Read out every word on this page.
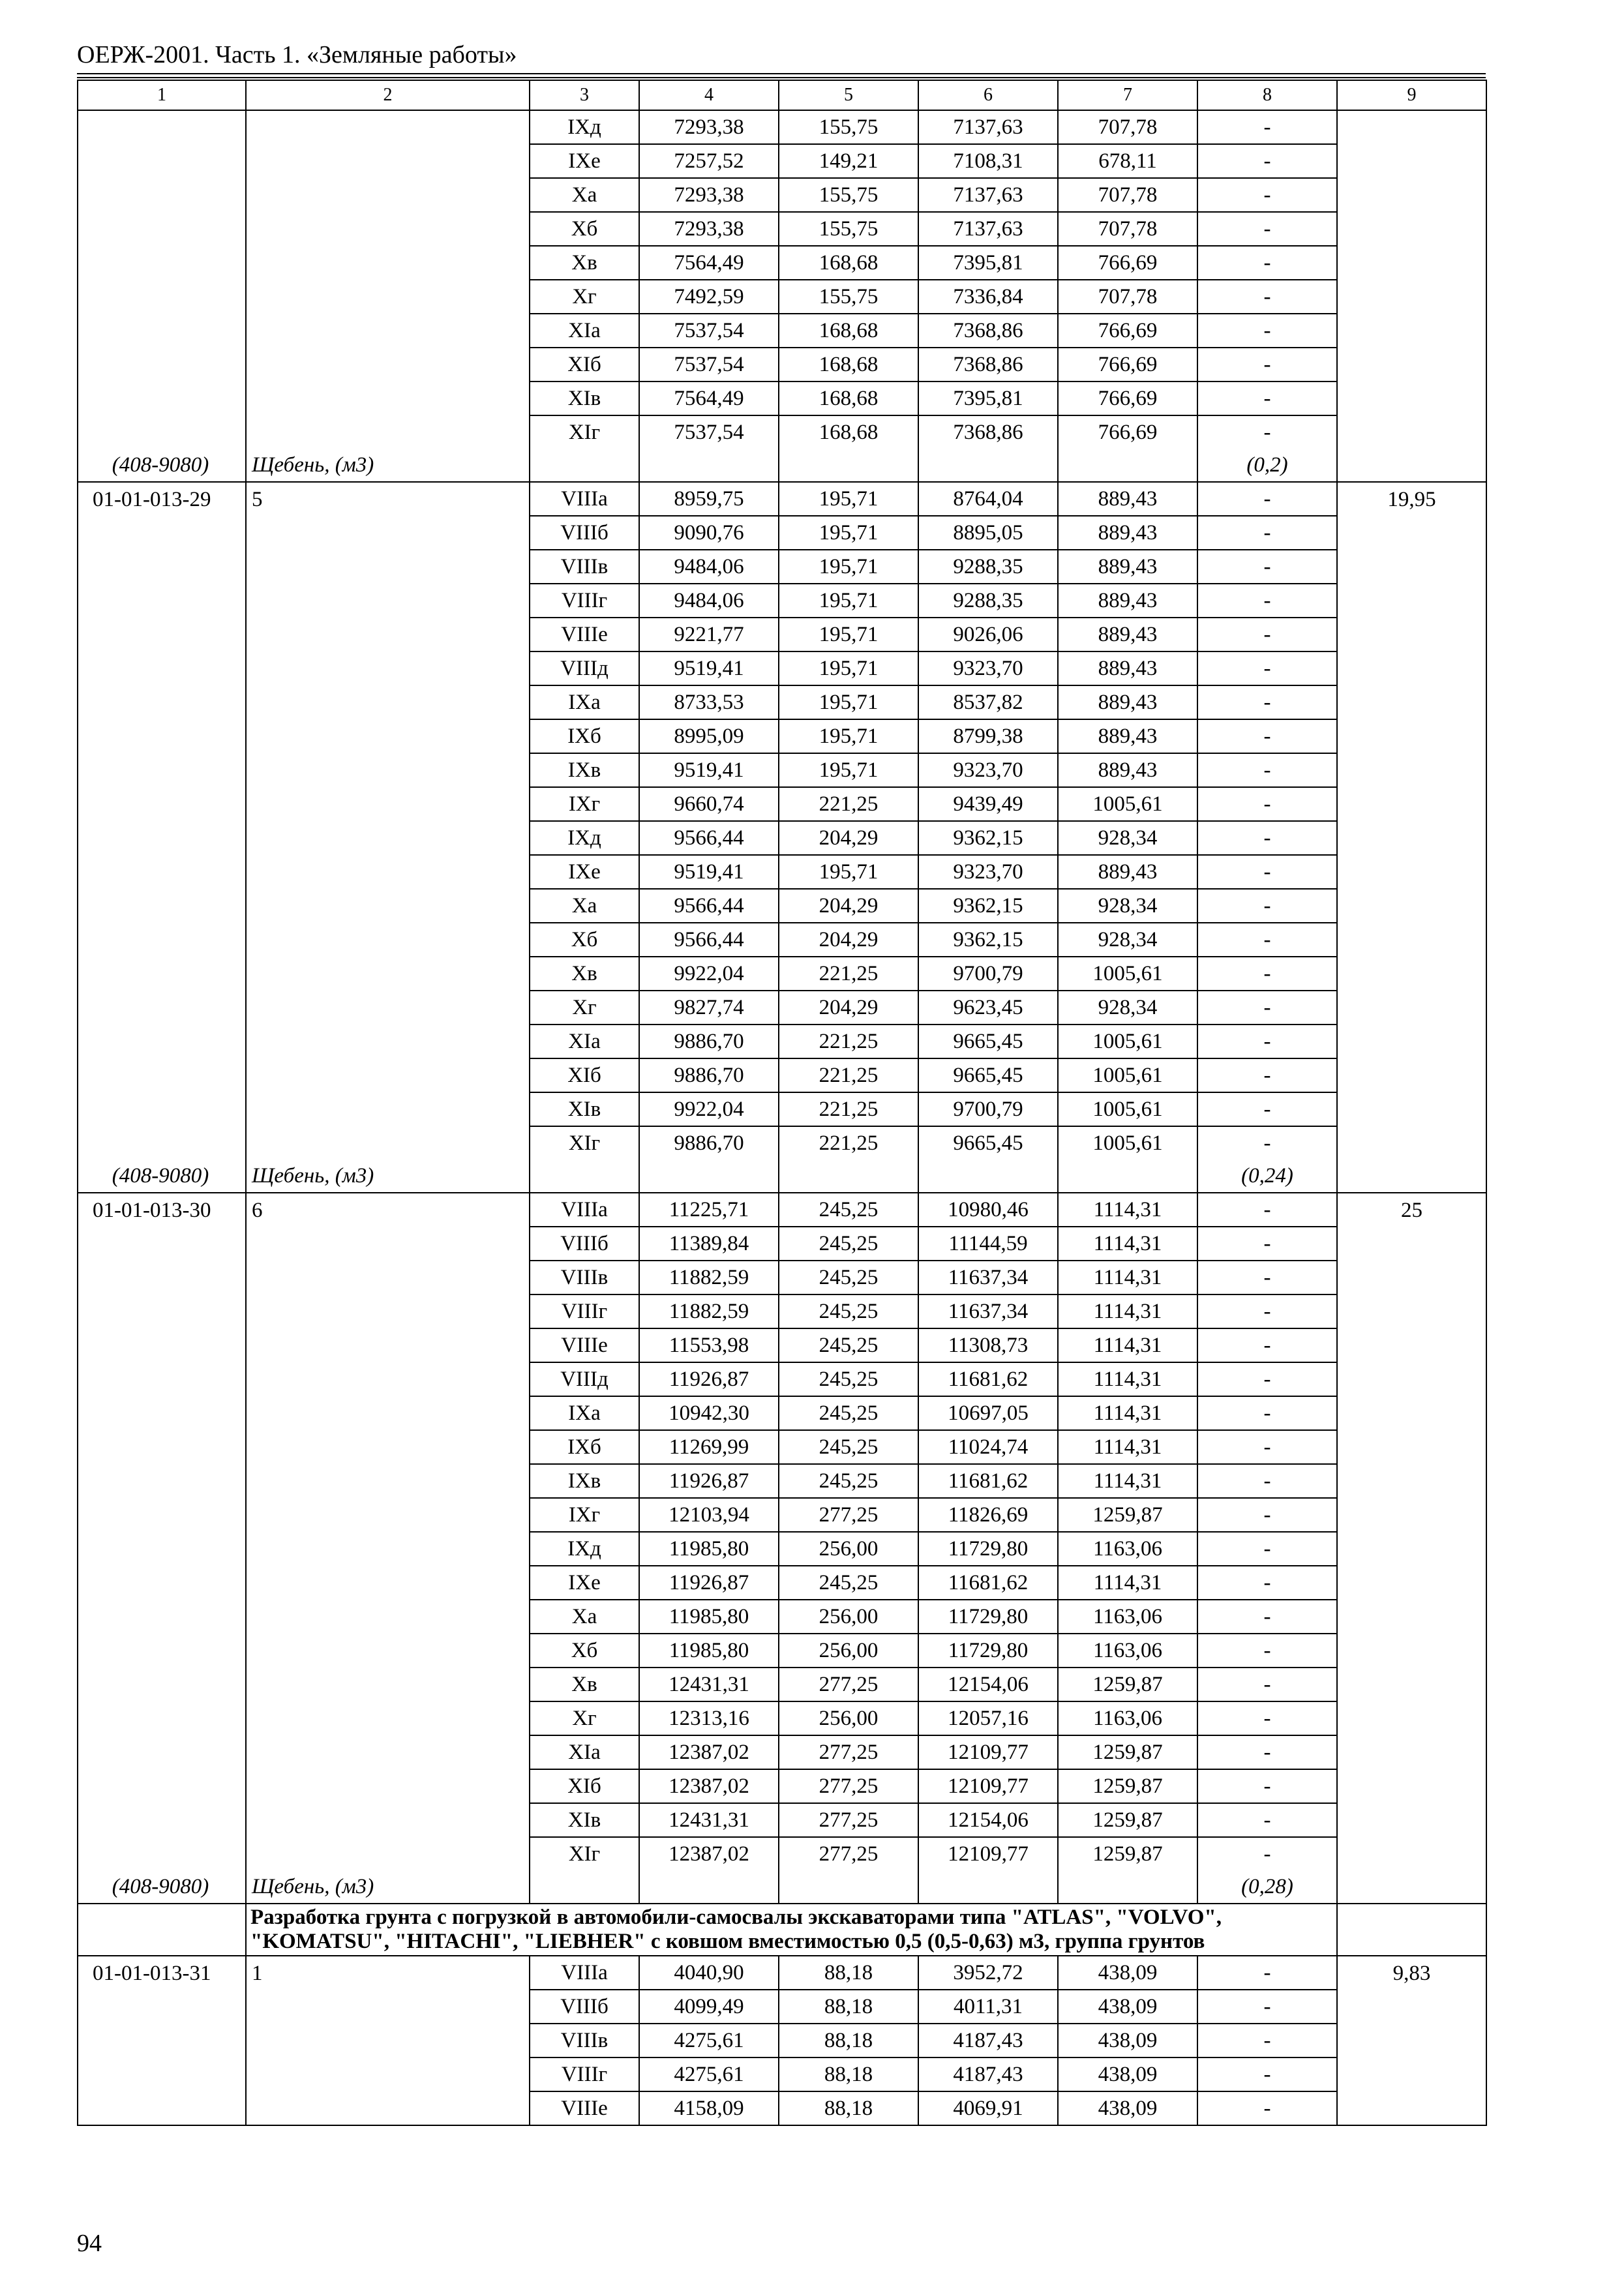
ОЕРЖ-2001. Часть 1. «Земляные работы»
1	2	3	4	5	6	7	8	9
		IXд	7293,38	155,75	7137,63	707,78	-	
		IXе	7257,52	149,21	7108,31	678,11	-	
		Xа	7293,38	155,75	7137,63	707,78	-	
		Xб	7293,38	155,75	7137,63	707,78	-	
		Xв	7564,49	168,68	7395,81	766,69	-	
		Xг	7492,59	155,75	7336,84	707,78	-	
		XIа	7537,54	168,68	7368,86	766,69	-	
		XIб	7537,54	168,68	7368,86	766,69	-	
		XIв	7564,49	168,68	7395,81	766,69	-	
		XIг	7537,54	168,68	7368,86	766,69	-	
(408-9080)	Щебень, (м3)						(0,2)	
01-01-013-29	5	VIIIа	8959,75	195,71	8764,04	889,43	-	19,95
		VIIIб	9090,76	195,71	8895,05	889,43	-	
		VIIIв	9484,06	195,71	9288,35	889,43	-	
		VIIIг	9484,06	195,71	9288,35	889,43	-	
		VIIIе	9221,77	195,71	9026,06	889,43	-	
		VIIIд	9519,41	195,71	9323,70	889,43	-	
		IXа	8733,53	195,71	8537,82	889,43	-	
		IXб	8995,09	195,71	8799,38	889,43	-	
		IXв	9519,41	195,71	9323,70	889,43	-	
		IXг	9660,74	221,25	9439,49	1005,61	-	
		IXд	9566,44	204,29	9362,15	928,34	-	
		IXе	9519,41	195,71	9323,70	889,43	-	
		Xа	9566,44	204,29	9362,15	928,34	-	
		Xб	9566,44	204,29	9362,15	928,34	-	
		Xв	9922,04	221,25	9700,79	1005,61	-	
		Xг	9827,74	204,29	9623,45	928,34	-	
		XIа	9886,70	221,25	9665,45	1005,61	-	
		XIб	9886,70	221,25	9665,45	1005,61	-	
		XIв	9922,04	221,25	9700,79	1005,61	-	
		XIг	9886,70	221,25	9665,45	1005,61	-	
(408-9080)	Щебень, (м3)						(0,24)	
01-01-013-30	6	VIIIа	11225,71	245,25	10980,46	1114,31	-	25
		VIIIб	11389,84	245,25	11144,59	1114,31	-	
		VIIIв	11882,59	245,25	11637,34	1114,31	-	
		VIIIг	11882,59	245,25	11637,34	1114,31	-	
		VIIIе	11553,98	245,25	11308,73	1114,31	-	
		VIIIд	11926,87	245,25	11681,62	1114,31	-	
		IXа	10942,30	245,25	10697,05	1114,31	-	
		IXб	11269,99	245,25	11024,74	1114,31	-	
		IXв	11926,87	245,25	11681,62	1114,31	-	
		IXг	12103,94	277,25	11826,69	1259,87	-	
		IXд	11985,80	256,00	11729,80	1163,06	-	
		IXе	11926,87	245,25	11681,62	1114,31	-	
		Xа	11985,80	256,00	11729,80	1163,06	-	
		Xб	11985,80	256,00	11729,80	1163,06	-	
		Xв	12431,31	277,25	12154,06	1259,87	-	
		Xг	12313,16	256,00	12057,16	1163,06	-	
		XIа	12387,02	277,25	12109,77	1259,87	-	
		XIб	12387,02	277,25	12109,77	1259,87	-	
		XIв	12431,31	277,25	12154,06	1259,87	-	
		XIг	12387,02	277,25	12109,77	1259,87	-	
(408-9080)	Щебень, (м3)						(0,28)	
	Разработка грунта с погрузкой в автомобили-самосвалы экскаваторами типа "ATLAS", "VOLVO", "KOMATSU", "HITACHI", "LIEBHER" с ковшом вместимостью 0,5 (0,5-0,63) м3, группа грунтов							
01-01-013-31	1	VIIIа	4040,90	88,18	3952,72	438,09	-	9,83
		VIIIб	4099,49	88,18	4011,31	438,09	-	
		VIIIв	4275,61	88,18	4187,43	438,09	-	
		VIIIг	4275,61	88,18	4187,43	438,09	-	
		VIIIе	4158,09	88,18	4069,91	438,09	-	
94
